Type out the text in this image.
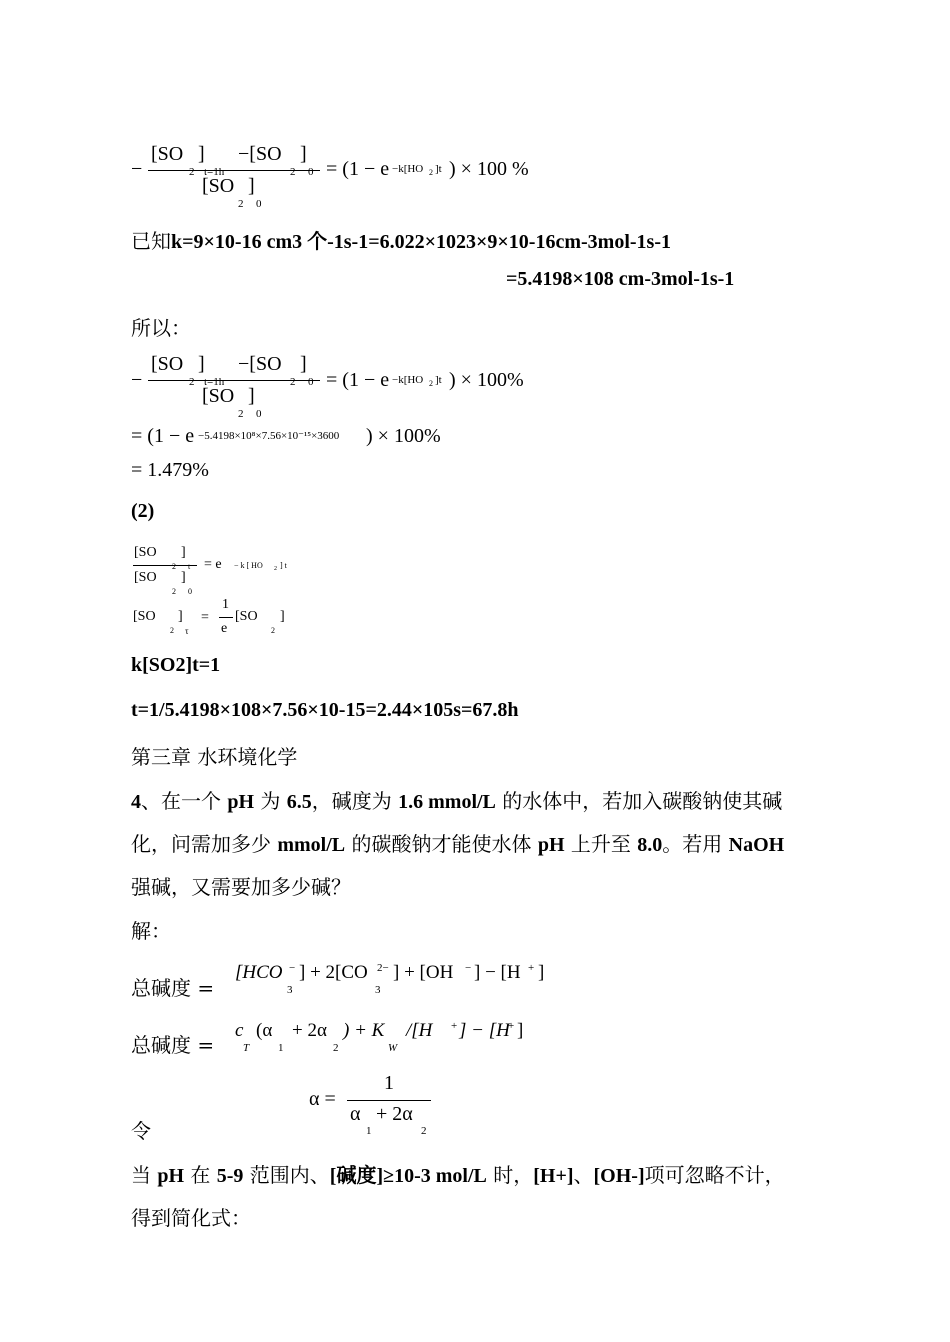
−
[SO ] −[SO ]
2 t=1h	2 0
[SO ]
2 0
= (1 − e −k[HO 2 ]t ) × 100 %
已知k=9×10-16 cm3 个-1s-1=6.022×1023×9×10-16cm-3mol-1s-1
=5.4198×108 cm-3mol-1s-1
所以：
−
[SO ] −[SO ]
2 t=1h	2 0
[SO ]
2 0
= (1 − e −k[HO 2 ]t ) × 100%
= (1 − e −5.4198×10⁸×7.56×10⁻¹⁵×3600 ) × 100%
= 1.479%
(2)
[SO ]
2 t
[SO ]
2 0
= e − k [ HO 2 ] t
[SO ]
2 τ
=
1
e
[SO ]
2
k[SO2]t=1
t=1/5.4198×108×7.56×10-15=2.44×105s=67.8h
第三章 水环境化学
4、在一个 pH 为 6.5，碱度为 1.6 mmol/L 的水体中，若加入碳酸钠使其碱
化，问需加多少 mmol/L 的碳酸钠才能使水体 pH 上升至 8.0。若用 NaOH
强碱，又需要加多少碱？
解：
总碱度 =
[HCO
3
− ] + 2[CO
3
2− ] + [OH − ] − [H + ]
总碱度 =
c
T
(α
1
+ 2α
2
) + K
W
/[H + ] − [H
+ ]
令
α =
1
α
1
+ 2α
2
当 pH 在 5-9 范围内、[碱度]≥10-3 mol/L 时，[H+]、[OH-]项可忽略不计，
得到简化式：
